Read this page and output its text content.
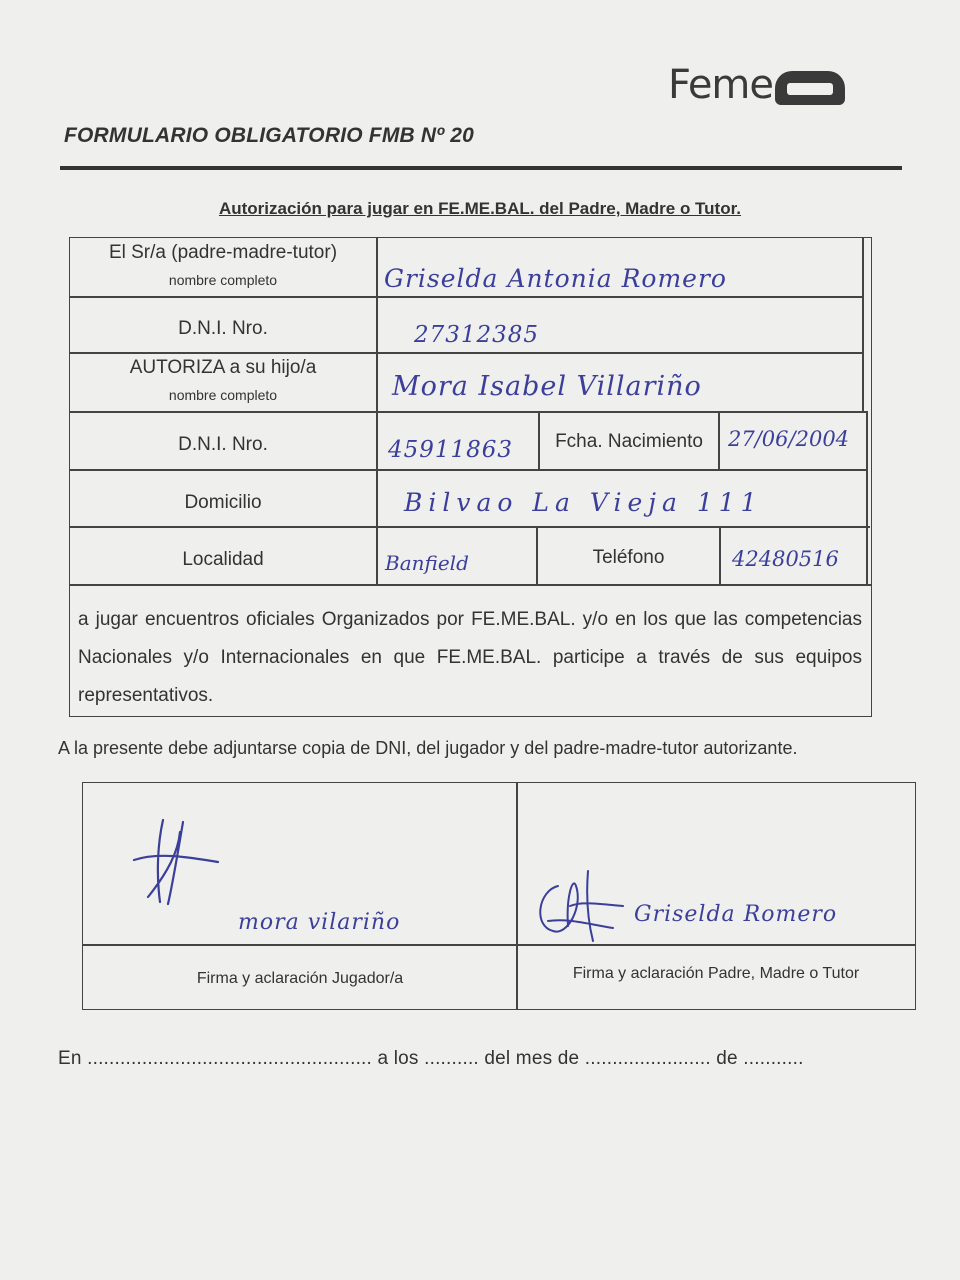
Feme
FORMULARIO OBLIGATORIO FMB Nº 20
Autorización para jugar en FE.ME.BAL. del Padre, Madre o Tutor.
El Sr/a (padre-madre-tutor)
nombre completo	Griselda Antonia Romero
D.N.I. Nro.	27312385
AUTORIZA a su hijo/a
nombre completo	Mora Isabel Villariño
D.N.I. Nro.	45911863	Fcha. Nacimiento	27/06/2004
Domicilio	Bilvao La Vieja 111
Localidad	Banfield	Teléfono	42480516
a jugar encuentros oficiales Organizados por FE.ME.BAL. y/o en los que las competencias Nacionales y/o Internacionales en que FE.ME.BAL. participe a través de sus equipos representativos.
A la presente debe adjuntarse copia de DNI, del jugador y del padre-madre-tutor autorizante.
mora vilariño
Firma y aclaración Jugador/a
Griselda Romero
Firma y aclaración Padre, Madre o Tutor
En .................................................... a los .......... del mes de ....................... de ...........
